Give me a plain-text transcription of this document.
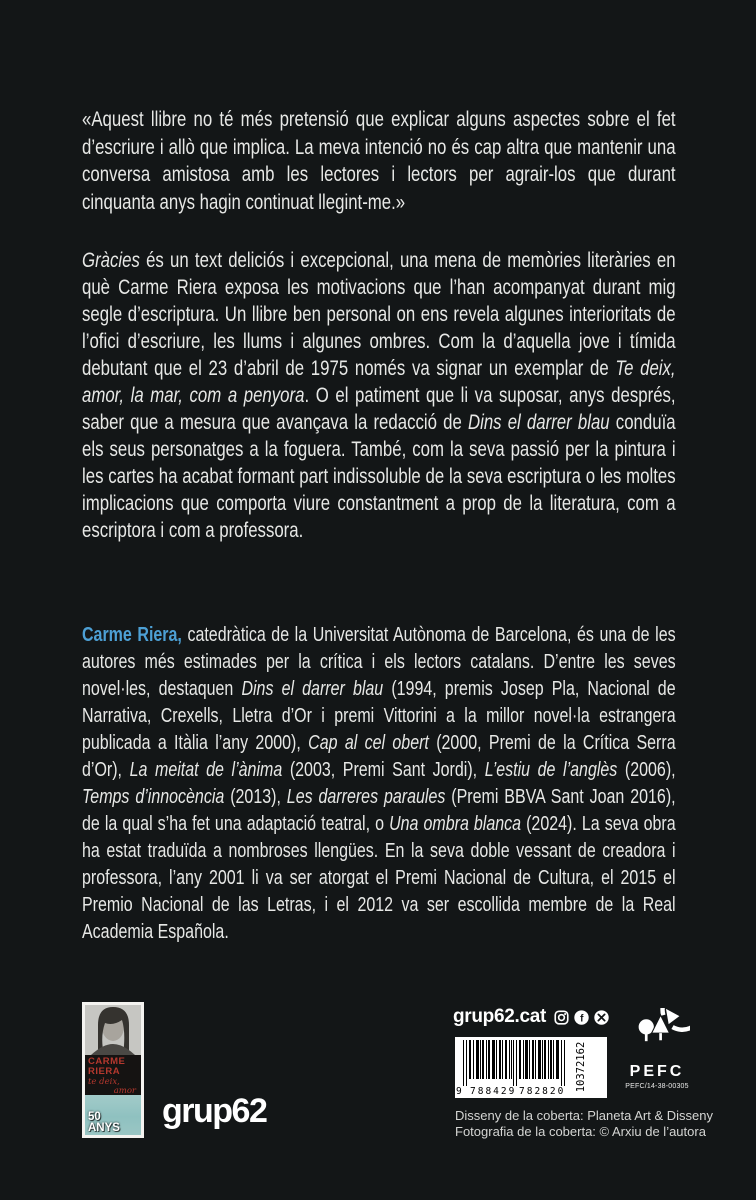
«Aquest llibre no té més pretensió que explicar alguns aspectes sobre el fet d’escriure i allò que implica. La meva intenció no és cap altra que mantenir una conversa amistosa amb les lectores i lectors per agrair-los que durant cinquanta anys hagin continuat llegint-me.»

Gràcies és un text deliciós i excepcional, una mena de memòries literàries en què Carme Riera exposa les motivacions que l’han acompanyat durant mig segle d’escriptura. Un llibre ben personal on ens revela algunes interioritats de l’ofici d’escriure, les llums i algunes ombres. Com la d’aquella jove i tímida debutant que el 23 d’abril de 1975 només va signar un exemplar de Te deix, amor, la mar, com a penyora. O el patiment que li va suposar, anys després, saber que a mesura que avançava la redacció de Dins el darrer blau conduïa els seus personatges a la foguera. També, com la seva passió per la pintura i les cartes ha acabat formant part indissoluble de la seva escriptura o les moltes implicacions que comporta viure constantment a prop de la literatura, com a escriptora i com a professora.

Carme Riera, catedràtica de la Universitat Autònoma de Barcelona, és una de les autores més estimades per la crítica i els lectors catalans. D’entre les seves novel·les, destaquen Dins el darrer blau (1994, premis Josep Pla, Nacional de Narrativa, Crexells, Lletra d’Or i premi Vittorini a la millor novel·la estrangera publicada a Itàlia l’any 2000), Cap al cel obert (2000, Premi de la Crítica Serra d’Or), La meitat de l’ànima (2003, Premi Sant Jordi), L’estiu de l’anglès (2006), Temps d’innocència (2013), Les darreres paraules (Premi BBVA Sant Joan 2016), de la qual s’ha fet una adaptació teatral, o Una ombra blanca (2024). La seva obra ha estat traduïda a nombroses llengües. En la seva doble vessant de creadora i professora, l’any 2001 li va ser atorgat el Premi Nacional de Cultura, el 2015 el Premio Nacional de las Letras, i el 2012 va ser escollida membre de la Real Academia Española.

CARME
RIERA
te deix,
amor
50
ANYS grup62
grup62.cat f
9 788429 782820 10372162	PEFC
PEFC/14-38-00305
Disseny de la coberta: Planeta Art & Disseny
Fotografia de la coberta: © Arxiu de l’autora
